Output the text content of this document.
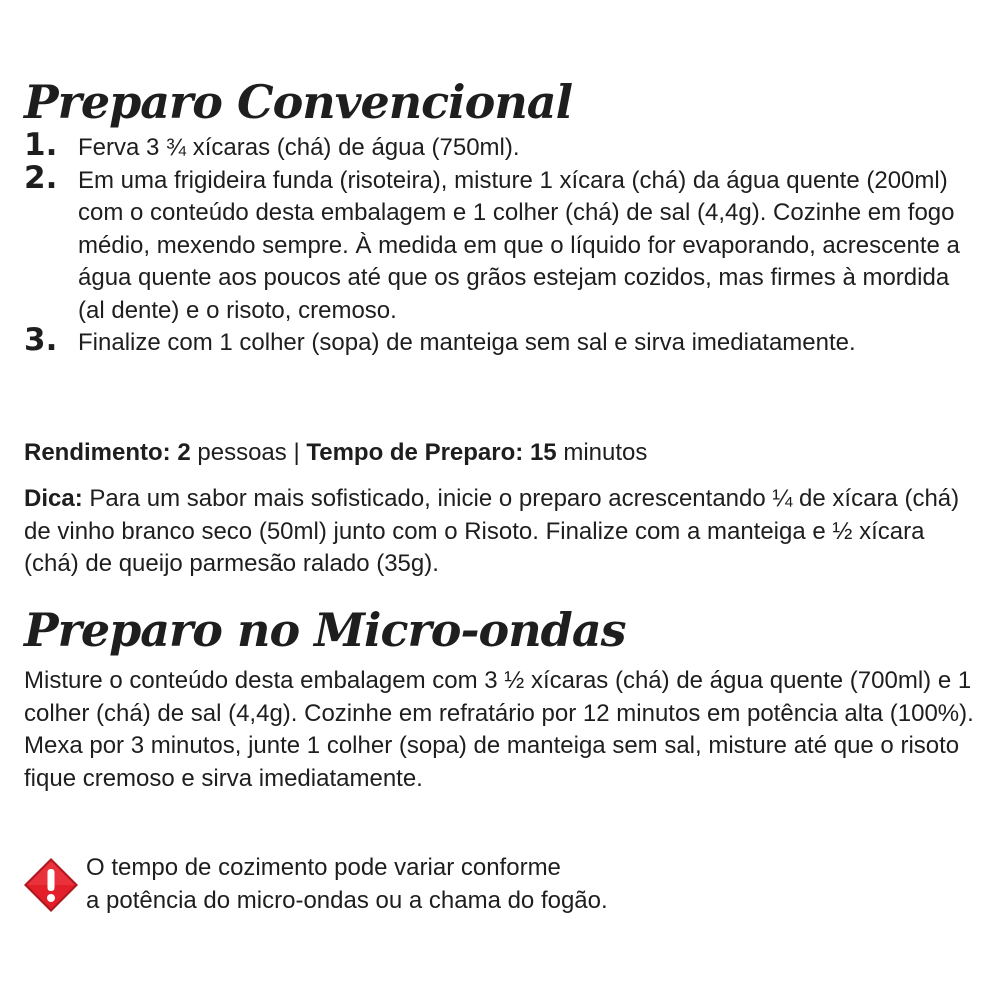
Preparo Convencional
1. Ferva 3 ¾ xícaras (chá) de água (750ml).
2. Em uma frigideira funda (risoteira), misture 1 xícara (chá) da água quente (200ml) com o conteúdo desta embalagem e 1 colher (chá) de sal (4,4g). Cozinhe em fogo médio, mexendo sempre. À medida em que o líquido for evaporando, acrescente a água quente aos poucos até que os grãos estejam cozidos, mas firmes à mordida (al dente) e o risoto, cremoso.
3. Finalize com 1 colher (sopa) de manteiga sem sal e sirva imediatamente.

Rendimento: 2 pessoas | Tempo de Preparo: 15 minutos

Dica: Para um sabor mais sofisticado, inicie o preparo acrescentando ¼ de xícara (chá) de vinho branco seco (50ml) junto com o Risoto. Finalize com a manteiga e ½ xícara (chá) de queijo parmesão ralado (35g).

Preparo no Micro-ondas

Misture o conteúdo desta embalagem com 3 ½ xícaras (chá) de água quente (700ml) e 1 colher (chá) de sal (4,4g). Cozinhe em refratário por 12 minutos em potência alta (100%). Mexa por 3 minutos, junte 1 colher (sopa) de manteiga sem sal, misture até que o risoto fique cremoso e sirva imediatamente.

O tempo de cozimento pode variar conforme
a potência do micro-ondas ou a chama do fogão.
